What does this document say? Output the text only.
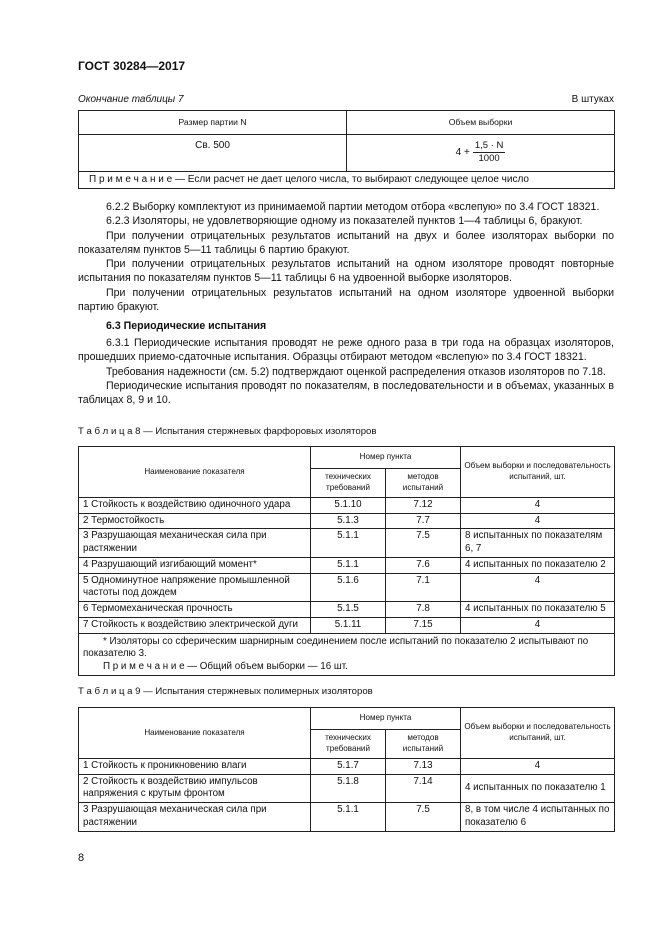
ГОСТ 30284—2017
Окончание таблицы 7	В штуках
Размер партии N	Объем выборки
Св. 500	$4 + \frac{1,5 \cdot N}{1000}$

П р и м е ч а н и е — Если расчет не дает целого числа, то выбирают следующее целое число	

6.2.2 Выборку комплектуют из принимаемой партии методом отбора «вслепую» по 3.4 ГОСТ 18321.

6.2.3 Изоляторы, не удовлетворяющие одному из показателей пунктов 1—4 таблицы 6, бракуют.

При получении отрицательных результатов испытаний на двух и более изоляторах выборки по показателям пунктов 5—11 таблицы 6 партию бракуют.

При получении отрицательных результатов испытаний на одном изоляторе проводят повторные испытания по показателям пунктов 5—11 таблицы 6 на удвоенной выборке изоляторов.

При получении отрицательных результатов испытаний на одном изоляторе удвоенной выборки партию бракуют.

6.3 Периодические испытания

6.3.1 Периодические испытания проводят не реже одного раза в три года на образцах изоляторов, прошедших приемо-сдаточные испытания. Образцы отбирают методом «вслепую» по 3.4 ГОСТ 18321.

Требования надежности (см. 5.2) подтверждают оценкой распределения отказов изоляторов по 7.18.

Периодические испытания проводят по показателям, в последовательности и в объемах, указанных в таблицах 8, 9 и 10.

Т а б л и ц а 8 — Испытания стержневых фарфоровых изоляторов
Наименование показателя	Номер пункта		Объем выборки и последовательность испытаний, шт.
	технических требований	методов испытаний	
1 Стойкость к воздействию одиночного удара	5.1.10	7.12	4
2 Термостойкость	5.1.3	7.7	4
3 Разрушающая механическая сила при растяжении	5.1.1	7.5	8 испытанных по показателям 6, 7
4 Разрушающий изгибающий момент*	5.1.1	7.6	4 испытанных по показателю 2
5 Одноминутное напряжение промышленной частоты под дождем	5.1.6	7.1	4
6 Термомеханическая прочность	5.1.5	7.8	4 испытанных по показателю 5
7 Стойкость к воздействию электрической дуги	5.1.11	7.15	4

* Изоляторы со сферическим шарнирным соединением после испытаний по показателю 2 испытывают по показателю 3.
П р и м е ч а н и е — Общий объем выборки — 16 шт.			
Т а б л и ц а 9 — Испытания стержневых полимерных изоляторов
Наименование показателя	Номер пункта		Объем выборки и последовательность испытаний, шт.
	технических требований	методов испытаний	
1 Стойкость к проникновению влаги	5.1.7	7.13	4
2 Стойкость к воздействию импульсов напряжения с крутым фронтом	5.1.8	7.14	4 испытанных по показателю 1
3 Разрушающая механическая сила при растяжении	5.1.1	7.5	8, в том числе 4 испытанных по показателю 6
8
